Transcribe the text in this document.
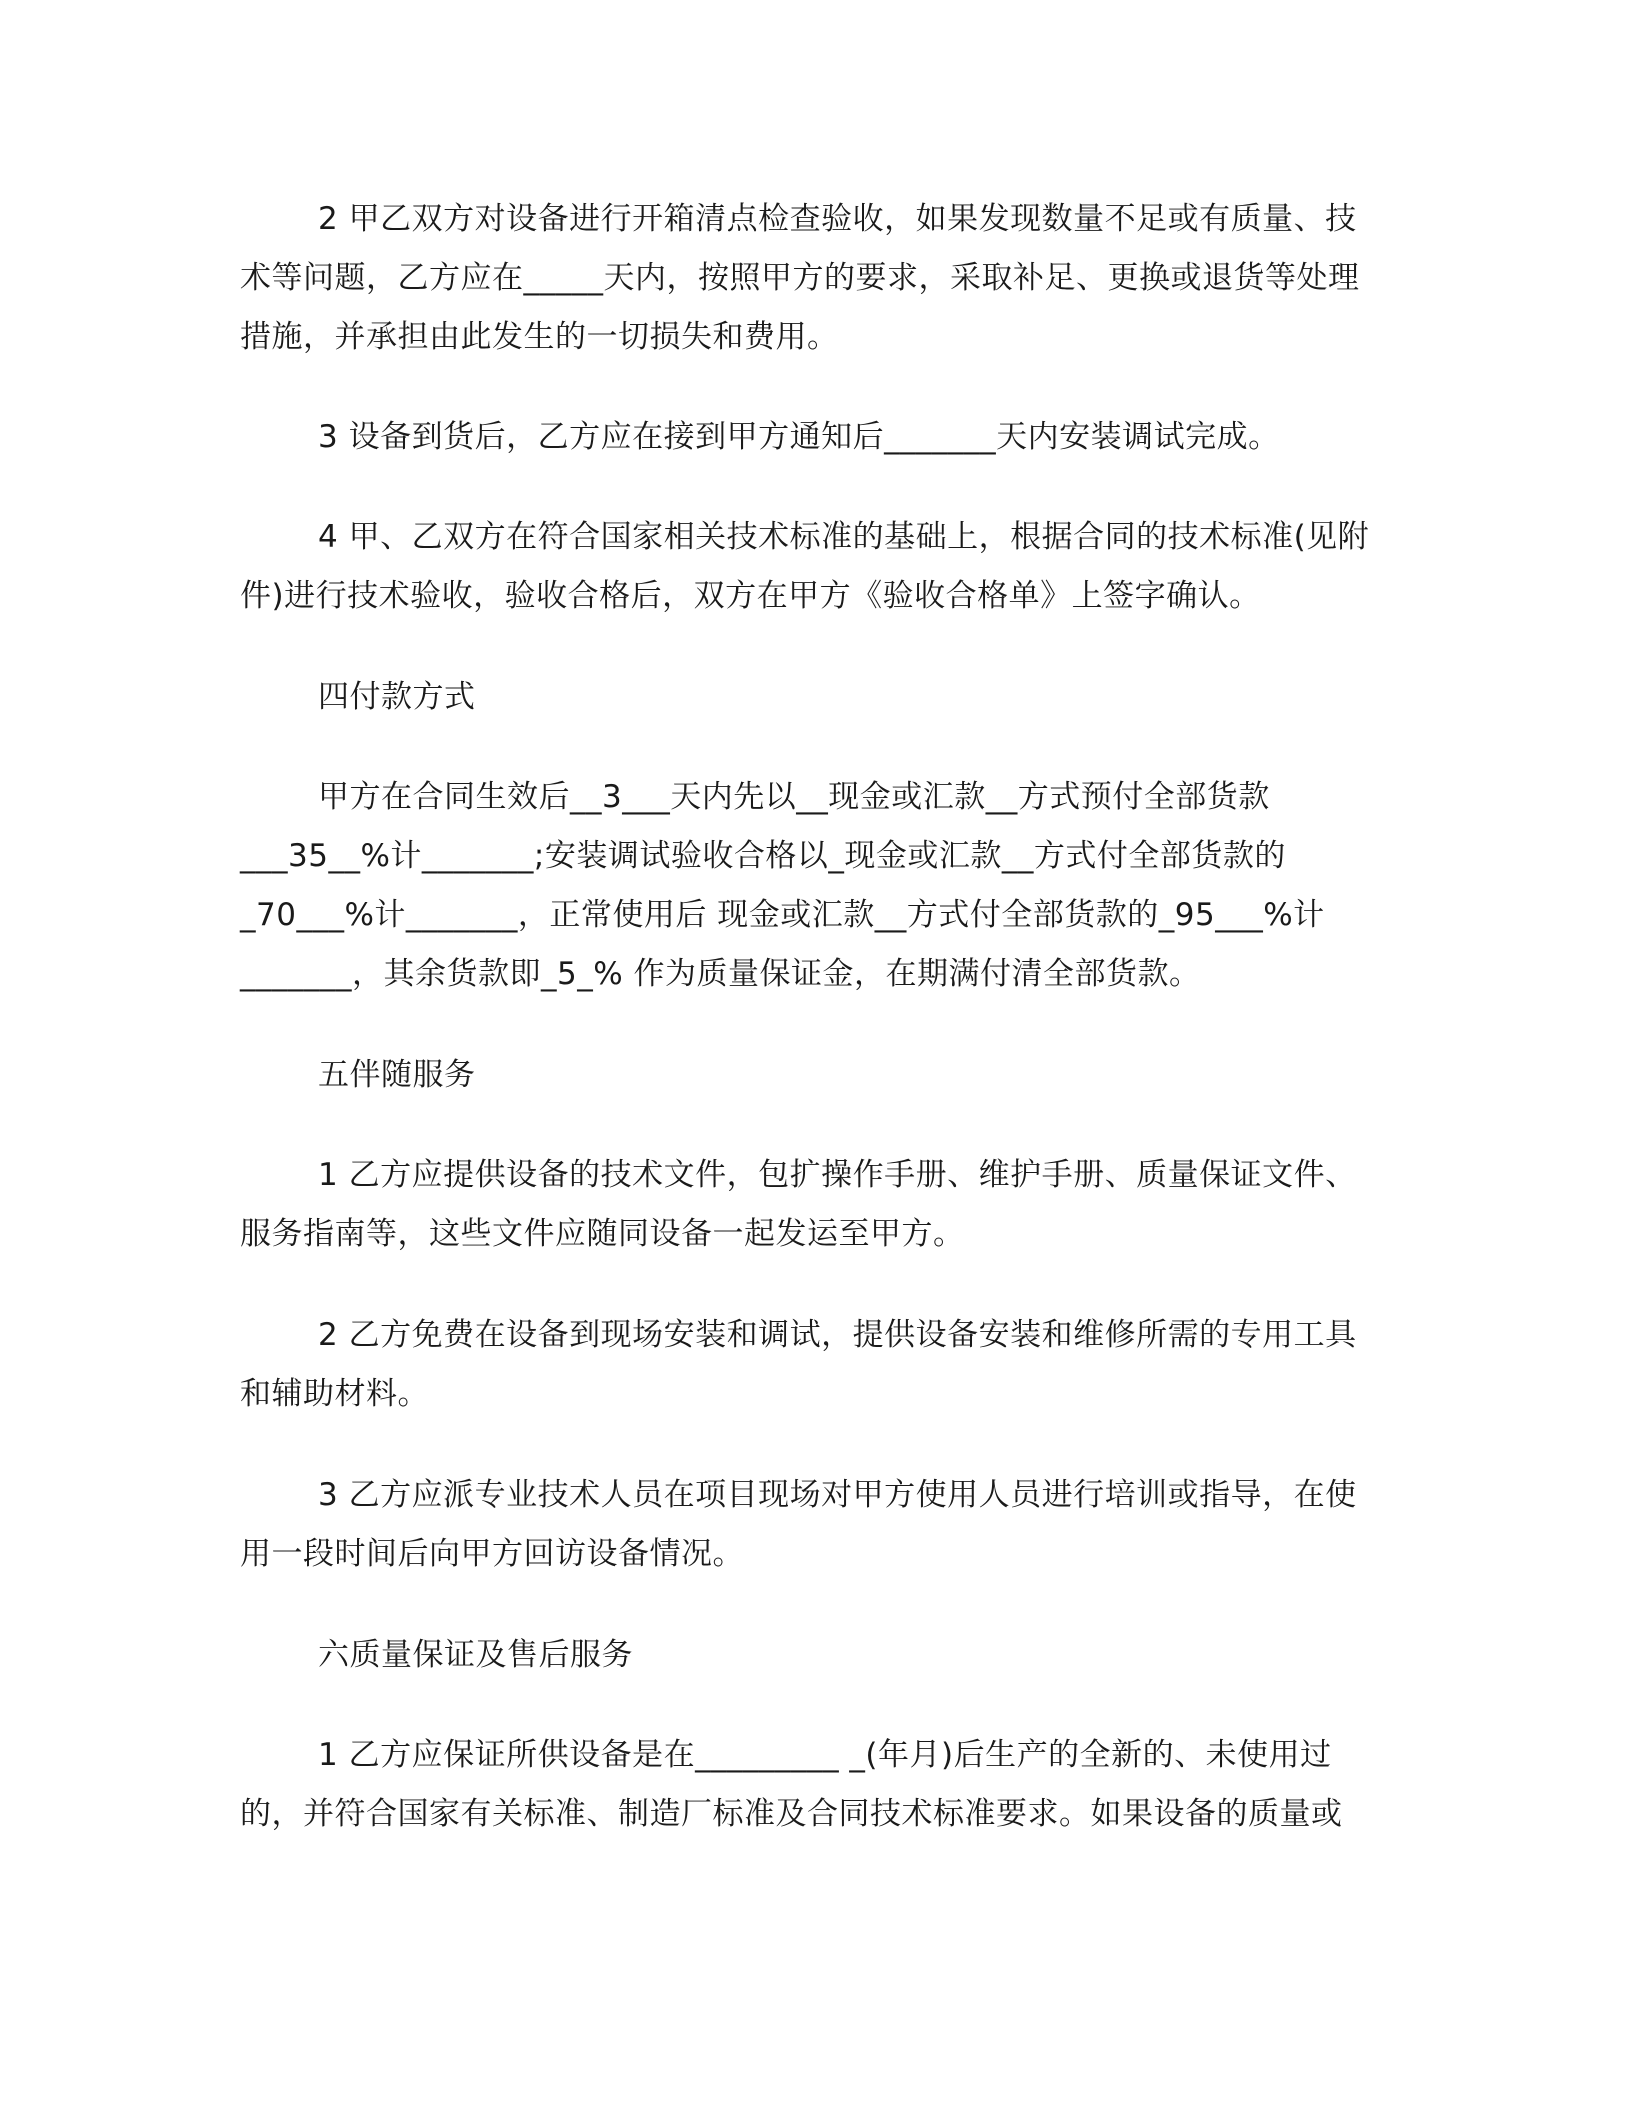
2 甲乙双方对设备进行开箱清点检查验收，如果发现数量不足或有质量、技
术等问题，乙方应在_____天内，按照甲方的要求，采取补足、更换或退货等处理
措施，并承担由此发生的一切损失和费用。
3 设备到货后，乙方应在接到甲方通知后_______天内安装调试完成。
4 甲、乙双方在符合国家相关技术标准的基础上，根据合同的技术标准(见附
件)进行技术验收，验收合格后，双方在甲方《验收合格单》上签字确认。
四付款方式
甲方在合同生效后__3___天内先以__现金或汇款__方式预付全部货款
___35__%计_______;安装调试验收合格以_现金或汇款__方式付全部货款的
_70___%计_______，正常使用后 现金或汇款__方式付全部货款的_95___%计
_______，其余货款即_5_% 作为质量保证金，在期满付清全部货款。
五伴随服务
1 乙方应提供设备的技术文件，包扩操作手册、维护手册、质量保证文件、
服务指南等，这些文件应随同设备一起发运至甲方。
2 乙方免费在设备到现场安装和调试，提供设备安装和维修所需的专用工具
和辅助材料。
3 乙方应派专业技术人员在项目现场对甲方使用人员进行培训或指导，在使
用一段时间后向甲方回访设备情况。
六质量保证及售后服务
1 乙方应保证所供设备是在_________ _(年月)后生产的全新的、未使用过
的，并符合国家有关标准、制造厂标准及合同技术标准要求。如果设备的质量或
